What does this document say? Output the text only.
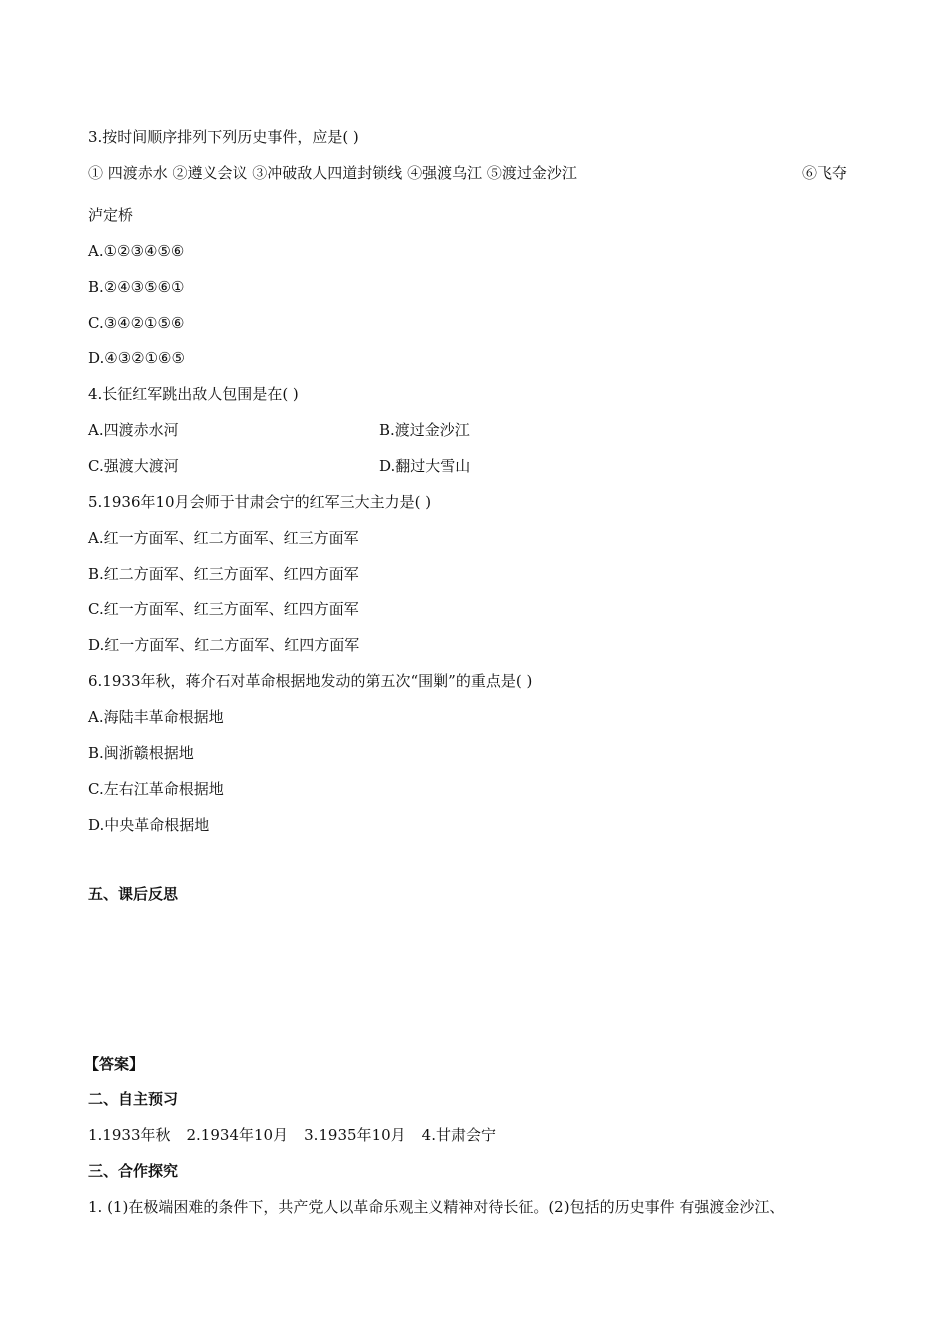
3.按时间顺序排列下列历史事件，应是( )
① 四渡赤水 ②遵义会议 ③冲破敌人四道封锁线 ④强渡乌江 ⑤渡过金沙江	⑥飞夺
泸定桥
A.①②③④⑤⑥
B.②④③⑤⑥①
C.③④②①⑤⑥
D.④③②①⑥⑤
4.长征红军跳出敌人包围是在( )
A.四渡赤水河	B.渡过金沙江
C.强渡大渡河	D.翻过大雪山
5.1936年10月会师于甘肃会宁的红军三大主力是( )
A.红一方面军、红二方面军、红三方面军
B.红二方面军、红三方面军、红四方面军
C.红一方面军、红三方面军、红四方面军
D.红一方面军、红二方面军、红四方面军
6.1933年秋，蒋介石对革命根据地发动的第五次“围剿”的重点是( )
A.海陆丰革命根据地
B.闽浙赣根据地
C.左右江革命根据地
D.中央革命根据地
五、课后反思
【答案】
二、自主预习
1.1933年秋 2.1934年10月 3.1935年10月 4.甘肃会宁
三、合作探究
1. (1)在极端困难的条件下，共产党人以革命乐观主义精神对待长征。(2)包括的历史事件 有强渡金沙江、
